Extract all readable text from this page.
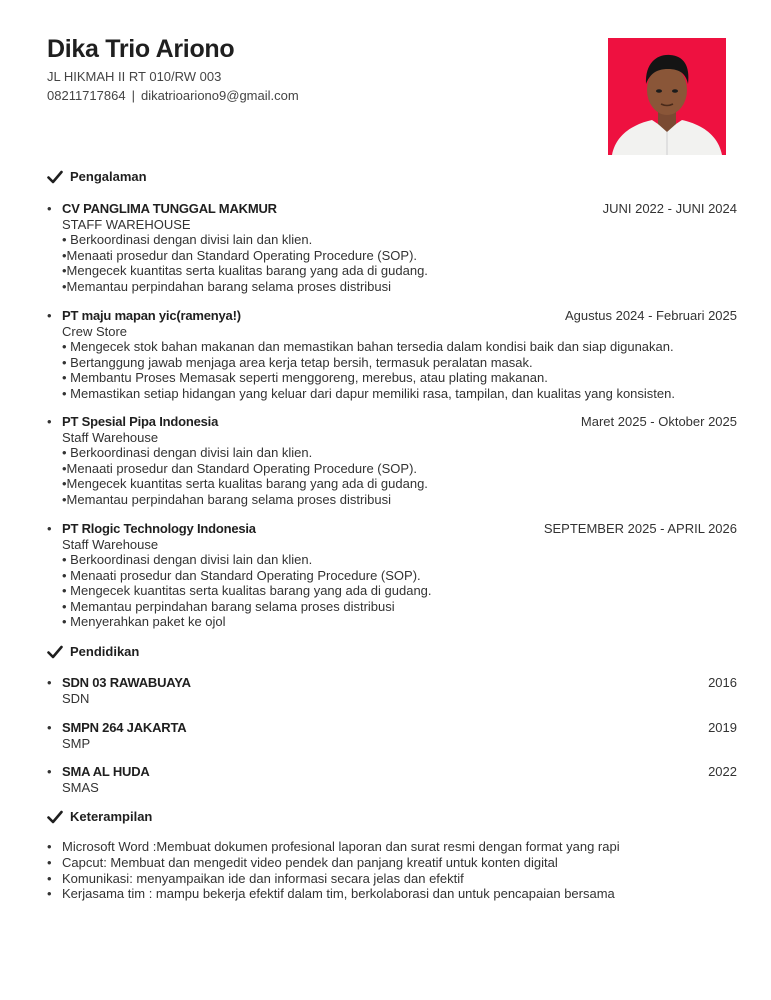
Dika Trio Ariono
JL HIKMAH II RT 010/RW 003
08211717864 | dikatrioariono9@gmail.com
Pengalaman
• CV PANGLIMA TUNGGAL MAKMUR	JUNI 2022 - JUNI 2024
STAFF WAREHOUSE
• Berkoordinasi dengan divisi lain dan klien.
•Menaati prosedur dan Standard Operating Procedure (SOP).
•Mengecek kuantitas serta kualitas barang yang ada di gudang.
•Memantau perpindahan barang selama proses distribusi
• PT maju mapan yic(ramenya!)	Agustus 2024 - Februari 2025
Crew Store
• Mengecek stok bahan makanan dan memastikan bahan tersedia dalam kondisi baik dan siap digunakan.
• Bertanggung jawab menjaga area kerja tetap bersih, termasuk peralatan masak.
• Membantu Proses Memasak seperti menggoreng, merebus, atau plating makanan.
• Memastikan setiap hidangan yang keluar dari dapur memiliki rasa, tampilan, dan kualitas yang konsisten.
• PT Spesial Pipa Indonesia	Maret 2025 - Oktober 2025
Staff Warehouse
• Berkoordinasi dengan divisi lain dan klien.
•Menaati prosedur dan Standard Operating Procedure (SOP).
•Mengecek kuantitas serta kualitas barang yang ada di gudang.
•Memantau perpindahan barang selama proses distribusi
• PT Rlogic Technology Indonesia	SEPTEMBER 2025 - APRIL 2026
Staff Warehouse
• Berkoordinasi dengan divisi lain dan klien.
• Menaati prosedur dan Standard Operating Procedure (SOP).
• Mengecek kuantitas serta kualitas barang yang ada di gudang.
• Memantau perpindahan barang selama proses distribusi
• Menyerahkan paket ke ojol
Pendidikan
• SDN 03 RAWABUAYA	2016
SDN
• SMPN 264 JAKARTA	2019
SMP
• SMA AL HUDA	2022
SMAS
Keterampilan
• Microsoft Word :Membuat dokumen profesional laporan dan surat resmi dengan format yang rapi
• Capcut: Membuat dan mengedit video pendek dan panjang kreatif untuk konten digital
• Komunikasi: menyampaikan ide dan informasi secara jelas dan efektif
• Kerjasama tim : mampu bekerja efektif dalam tim, berkolaborasi dan untuk pencapaian bersama
